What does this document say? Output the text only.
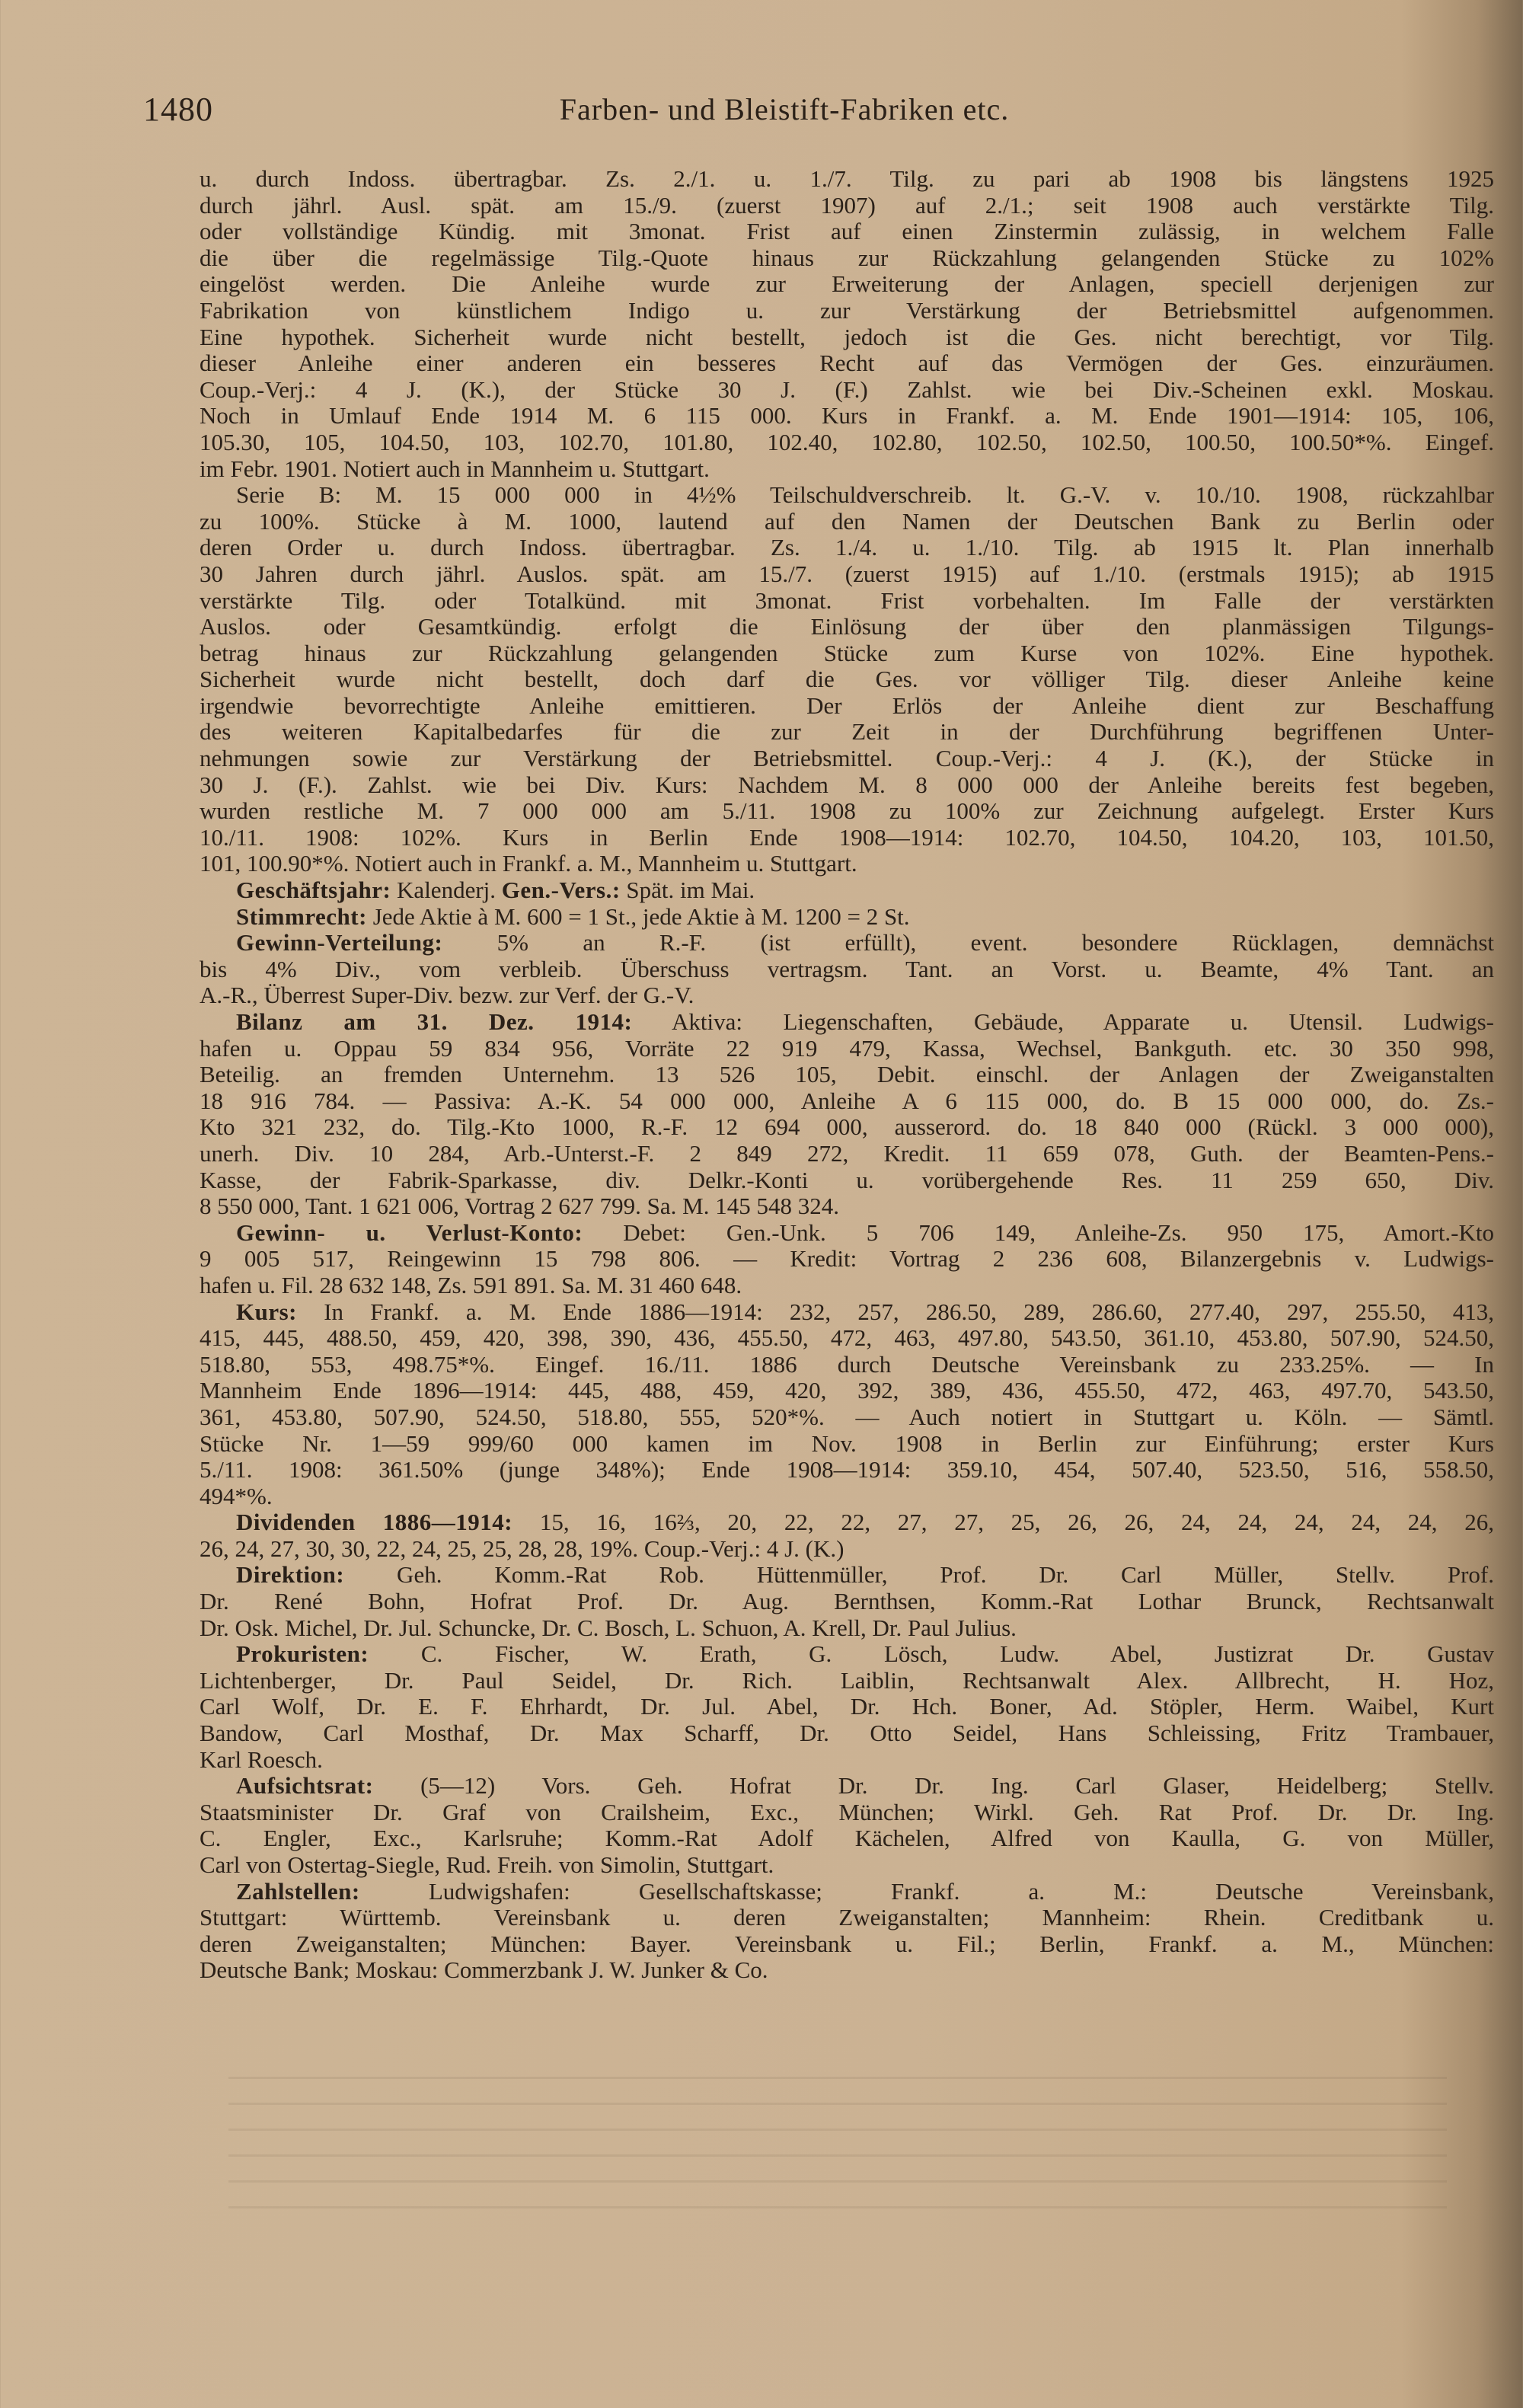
1480	Farben- und Bleistift-Fabriken etc.
u. durch Indoss. übertragbar. Zs. 2./1. u. 1./7. Tilg. zu pari ab 1908 bis längstens 1925
durch jährl. Ausl. spät. am 15./9. (zuerst 1907) auf 2./1.; seit 1908 auch verstärkte Tilg.
oder vollständige Kündig. mit 3monat. Frist auf einen Zinstermin zulässig, in welchem Falle
die über die regelmässige Tilg.-Quote hinaus zur Rückzahlung gelangenden Stücke zu 102%
eingelöst werden. Die Anleihe wurde zur Erweiterung der Anlagen, speciell derjenigen zur
Fabrikation von künstlichem Indigo u. zur Verstärkung der Betriebsmittel aufgenommen.
Eine hypothek. Sicherheit wurde nicht bestellt, jedoch ist die Ges. nicht berechtigt, vor Tilg.
dieser Anleihe einer anderen ein besseres Recht auf das Vermögen der Ges. einzuräumen.
Coup.-Verj.: 4 J. (K.), der Stücke 30 J. (F.) Zahlst. wie bei Div.-Scheinen exkl. Moskau.
Noch in Umlauf Ende 1914 M. 6 115 000. Kurs in Frankf. a. M. Ende 1901—1914: 105, 106,
105.30, 105, 104.50, 103, 102.70, 101.80, 102.40, 102.80, 102.50, 102.50, 100.50, 100.50*%. Eingef.
im Febr. 1901. Notiert auch in Mannheim u. Stuttgart.
Serie B: M. 15 000 000 in 4½% Teilschuldverschreib. lt. G.-V. v. 10./10. 1908, rückzahlbar
zu 100%. Stücke à M. 1000, lautend auf den Namen der Deutschen Bank zu Berlin oder
deren Order u. durch Indoss. übertragbar. Zs. 1./4. u. 1./10. Tilg. ab 1915 lt. Plan innerhalb
30 Jahren durch jährl. Auslos. spät. am 15./7. (zuerst 1915) auf 1./10. (erstmals 1915); ab 1915
verstärkte Tilg. oder Totalkünd. mit 3monat. Frist vorbehalten. Im Falle der verstärkten
Auslos. oder Gesamtkündig. erfolgt die Einlösung der über den planmässigen Tilgungs-
betrag hinaus zur Rückzahlung gelangenden Stücke zum Kurse von 102%. Eine hypothek.
Sicherheit wurde nicht bestellt, doch darf die Ges. vor völliger Tilg. dieser Anleihe keine
irgendwie bevorrechtigte Anleihe emittieren. Der Erlös der Anleihe dient zur Beschaffung
des weiteren Kapitalbedarfes für die zur Zeit in der Durchführung begriffenen Unter-
nehmungen sowie zur Verstärkung der Betriebsmittel. Coup.-Verj.: 4 J. (K.), der Stücke in
30 J. (F.). Zahlst. wie bei Div. Kurs: Nachdem M. 8 000 000 der Anleihe bereits fest begeben,
wurden restliche M. 7 000 000 am 5./11. 1908 zu 100% zur Zeichnung aufgelegt. Erster Kurs
10./11. 1908: 102%. Kurs in Berlin Ende 1908—1914: 102.70, 104.50, 104.20, 103, 101.50,
101, 100.90*%. Notiert auch in Frankf. a. M., Mannheim u. Stuttgart.
Geschäftsjahr: Kalenderj. Gen.-Vers.: Spät. im Mai.
Stimmrecht: Jede Aktie à M. 600 = 1 St., jede Aktie à M. 1200 = 2 St.
Gewinn-Verteilung: 5% an R.-F. (ist erfüllt), event. besondere Rücklagen, demnächst
bis 4% Div., vom verbleib. Überschuss vertragsm. Tant. an Vorst. u. Beamte, 4% Tant. an
A.-R., Überrest Super-Div. bezw. zur Verf. der G.-V.
Bilanz am 31. Dez. 1914: Aktiva: Liegenschaften, Gebäude, Apparate u. Utensil. Ludwigs-
hafen u. Oppau 59 834 956, Vorräte 22 919 479, Kassa, Wechsel, Bankguth. etc. 30 350 998,
Beteilig. an fremden Unternehm. 13 526 105, Debit. einschl. der Anlagen der Zweiganstalten
18 916 784. — Passiva: A.-K. 54 000 000, Anleihe A 6 115 000, do. B 15 000 000, do. Zs.-
Kto 321 232, do. Tilg.-Kto 1000, R.-F. 12 694 000, ausserord. do. 18 840 000 (Rückl. 3 000 000),
unerh. Div. 10 284, Arb.-Unterst.-F. 2 849 272, Kredit. 11 659 078, Guth. der Beamten-Pens.-
Kasse, der Fabrik-Sparkasse, div. Delkr.-Konti u. vorübergehende Res. 11 259 650, Div.
8 550 000, Tant. 1 621 006, Vortrag 2 627 799. Sa. M. 145 548 324.
Gewinn- u. Verlust-Konto: Debet: Gen.-Unk. 5 706 149, Anleihe-Zs. 950 175, Amort.-Kto
9 005 517, Reingewinn 15 798 806. — Kredit: Vortrag 2 236 608, Bilanzergebnis v. Ludwigs-
hafen u. Fil. 28 632 148, Zs. 591 891. Sa. M. 31 460 648.
Kurs: In Frankf. a. M. Ende 1886—1914: 232, 257, 286.50, 289, 286.60, 277.40, 297, 255.50, 413,
415, 445, 488.50, 459, 420, 398, 390, 436, 455.50, 472, 463, 497.80, 543.50, 361.10, 453.80, 507.90, 524.50,
518.80, 553, 498.75*%. Eingef. 16./11. 1886 durch Deutsche Vereinsbank zu 233.25%. — In
Mannheim Ende 1896—1914: 445, 488, 459, 420, 392, 389, 436, 455.50, 472, 463, 497.70, 543.50,
361, 453.80, 507.90, 524.50, 518.80, 555, 520*%. — Auch notiert in Stuttgart u. Köln. — Sämtl.
Stücke Nr. 1—59 999/60 000 kamen im Nov. 1908 in Berlin zur Einführung; erster Kurs
5./11. 1908: 361.50% (junge 348%); Ende 1908—1914: 359.10, 454, 507.40, 523.50, 516, 558.50,
494*%.
Dividenden 1886—1914: 15, 16, 16⅔, 20, 22, 22, 27, 27, 25, 26, 26, 24, 24, 24, 24, 24, 26,
26, 24, 27, 30, 30, 22, 24, 25, 25, 28, 28, 19%. Coup.-Verj.: 4 J. (K.)
Direktion: Geh. Komm.-Rat Rob. Hüttenmüller, Prof. Dr. Carl Müller, Stellv. Prof.
Dr. René Bohn, Hofrat Prof. Dr. Aug. Bernthsen, Komm.-Rat Lothar Brunck, Rechtsanwalt
Dr. Osk. Michel, Dr. Jul. Schuncke, Dr. C. Bosch, L. Schuon, A. Krell, Dr. Paul Julius.
Prokuristen: C. Fischer, W. Erath, G. Lösch, Ludw. Abel, Justizrat Dr. Gustav
Lichtenberger, Dr. Paul Seidel, Dr. Rich. Laiblin, Rechtsanwalt Alex. Allbrecht, H. Hoz,
Carl Wolf, Dr. E. F. Ehrhardt, Dr. Jul. Abel, Dr. Hch. Boner, Ad. Stöpler, Herm. Waibel, Kurt
Bandow, Carl Mosthaf, Dr. Max Scharff, Dr. Otto Seidel, Hans Schleissing, Fritz Trambauer,
Karl Roesch.
Aufsichtsrat: (5—12) Vors. Geh. Hofrat Dr. Dr. Ing. Carl Glaser, Heidelberg; Stellv.
Staatsminister Dr. Graf von Crailsheim, Exc., München; Wirkl. Geh. Rat Prof. Dr. Dr. Ing.
C. Engler, Exc., Karlsruhe; Komm.-Rat Adolf Kächelen, Alfred von Kaulla, G. von Müller,
Carl von Ostertag-Siegle, Rud. Freih. von Simolin, Stuttgart.
Zahlstellen: Ludwigshafen: Gesellschaftskasse; Frankf. a. M.: Deutsche Vereinsbank,
Stuttgart: Württemb. Vereinsbank u. deren Zweiganstalten; Mannheim: Rhein. Creditbank u.
deren Zweiganstalten; München: Bayer. Vereinsbank u. Fil.; Berlin, Frankf. a. M., München:
Deutsche Bank; Moskau: Commerzbank J. W. Junker & Co.
